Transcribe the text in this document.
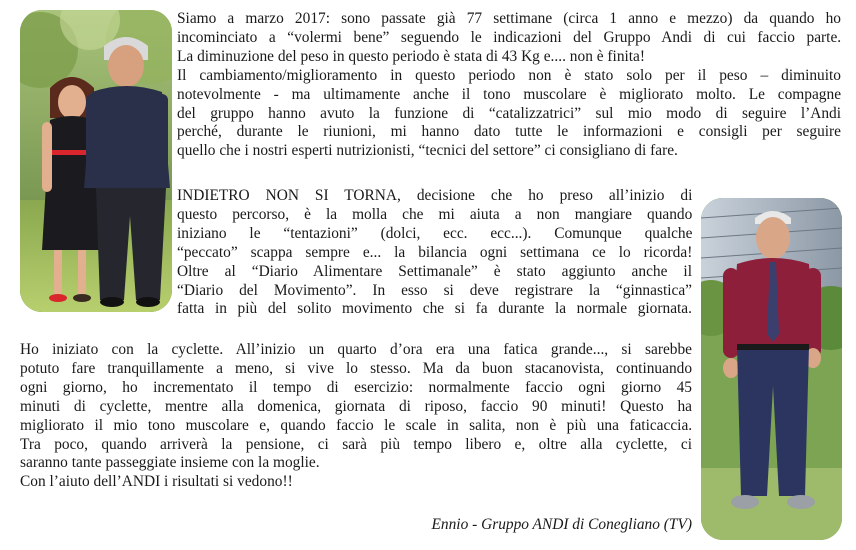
Siamo a marzo 2017: sono passate già 77 settimane (circa 1 anno e mezzo) da quando ho
incominciato a “volermi bene” seguendo le indicazioni del Gruppo Andi di cui faccio parte.
La diminuzione del peso in questo periodo è stata di 43 Kg e.... non è finita!
Il cambiamento/miglioramento in questo periodo non è stato solo per il peso – diminuito
notevolmente - ma ultimamente anche il tono muscolare è migliorato molto. Le compagne
del gruppo hanno avuto la funzione di “catalizzatrici” sul mio modo di seguire l’Andi
perché, durante le riunioni, mi hanno dato tutte le informazioni e consigli per seguire
quello che i nostri esperti nutrizionisti, “tecnici del settore” ci consigliano di fare.
INDIETRO NON SI TORNA, decisione che ho preso all’inizio di
questo percorso, è la molla che mi aiuta a non mangiare quando
iniziano le “tentazioni” (dolci, ecc. ecc...). Comunque qualche
“peccato” scappa sempre e... la bilancia ogni settimana ce lo ricorda!
Oltre al “Diario Alimentare Settimanale” è stato aggiunto anche il
“Diario del Movimento”. In esso si deve registrare la “ginnastica”
fatta in più del solito movimento che si fa durante la normale giornata.
Ho iniziato con la cyclette. All’inizio un quarto d’ora era una fatica grande..., si sarebbe
potuto fare tranquillamente a meno, si vive lo stesso. Ma da buon stacanovista, continuando
ogni giorno, ho incrementato il tempo di esercizio: normalmente faccio ogni giorno 45
minuti di cyclette, mentre alla domenica, giornata di riposo, faccio 90 minuti! Questo ha
migliorato il mio tono muscolare e, quando faccio le scale in salita, non è più una faticaccia.
Tra poco, quando arriverà la pensione, ci sarà più tempo libero e, oltre alla cyclette, ci
saranno tante passeggiate insieme con la moglie.
Con l’aiuto dell’ANDI i risultati si vedono!!
Ennio - Gruppo ANDI di Conegliano (TV)
